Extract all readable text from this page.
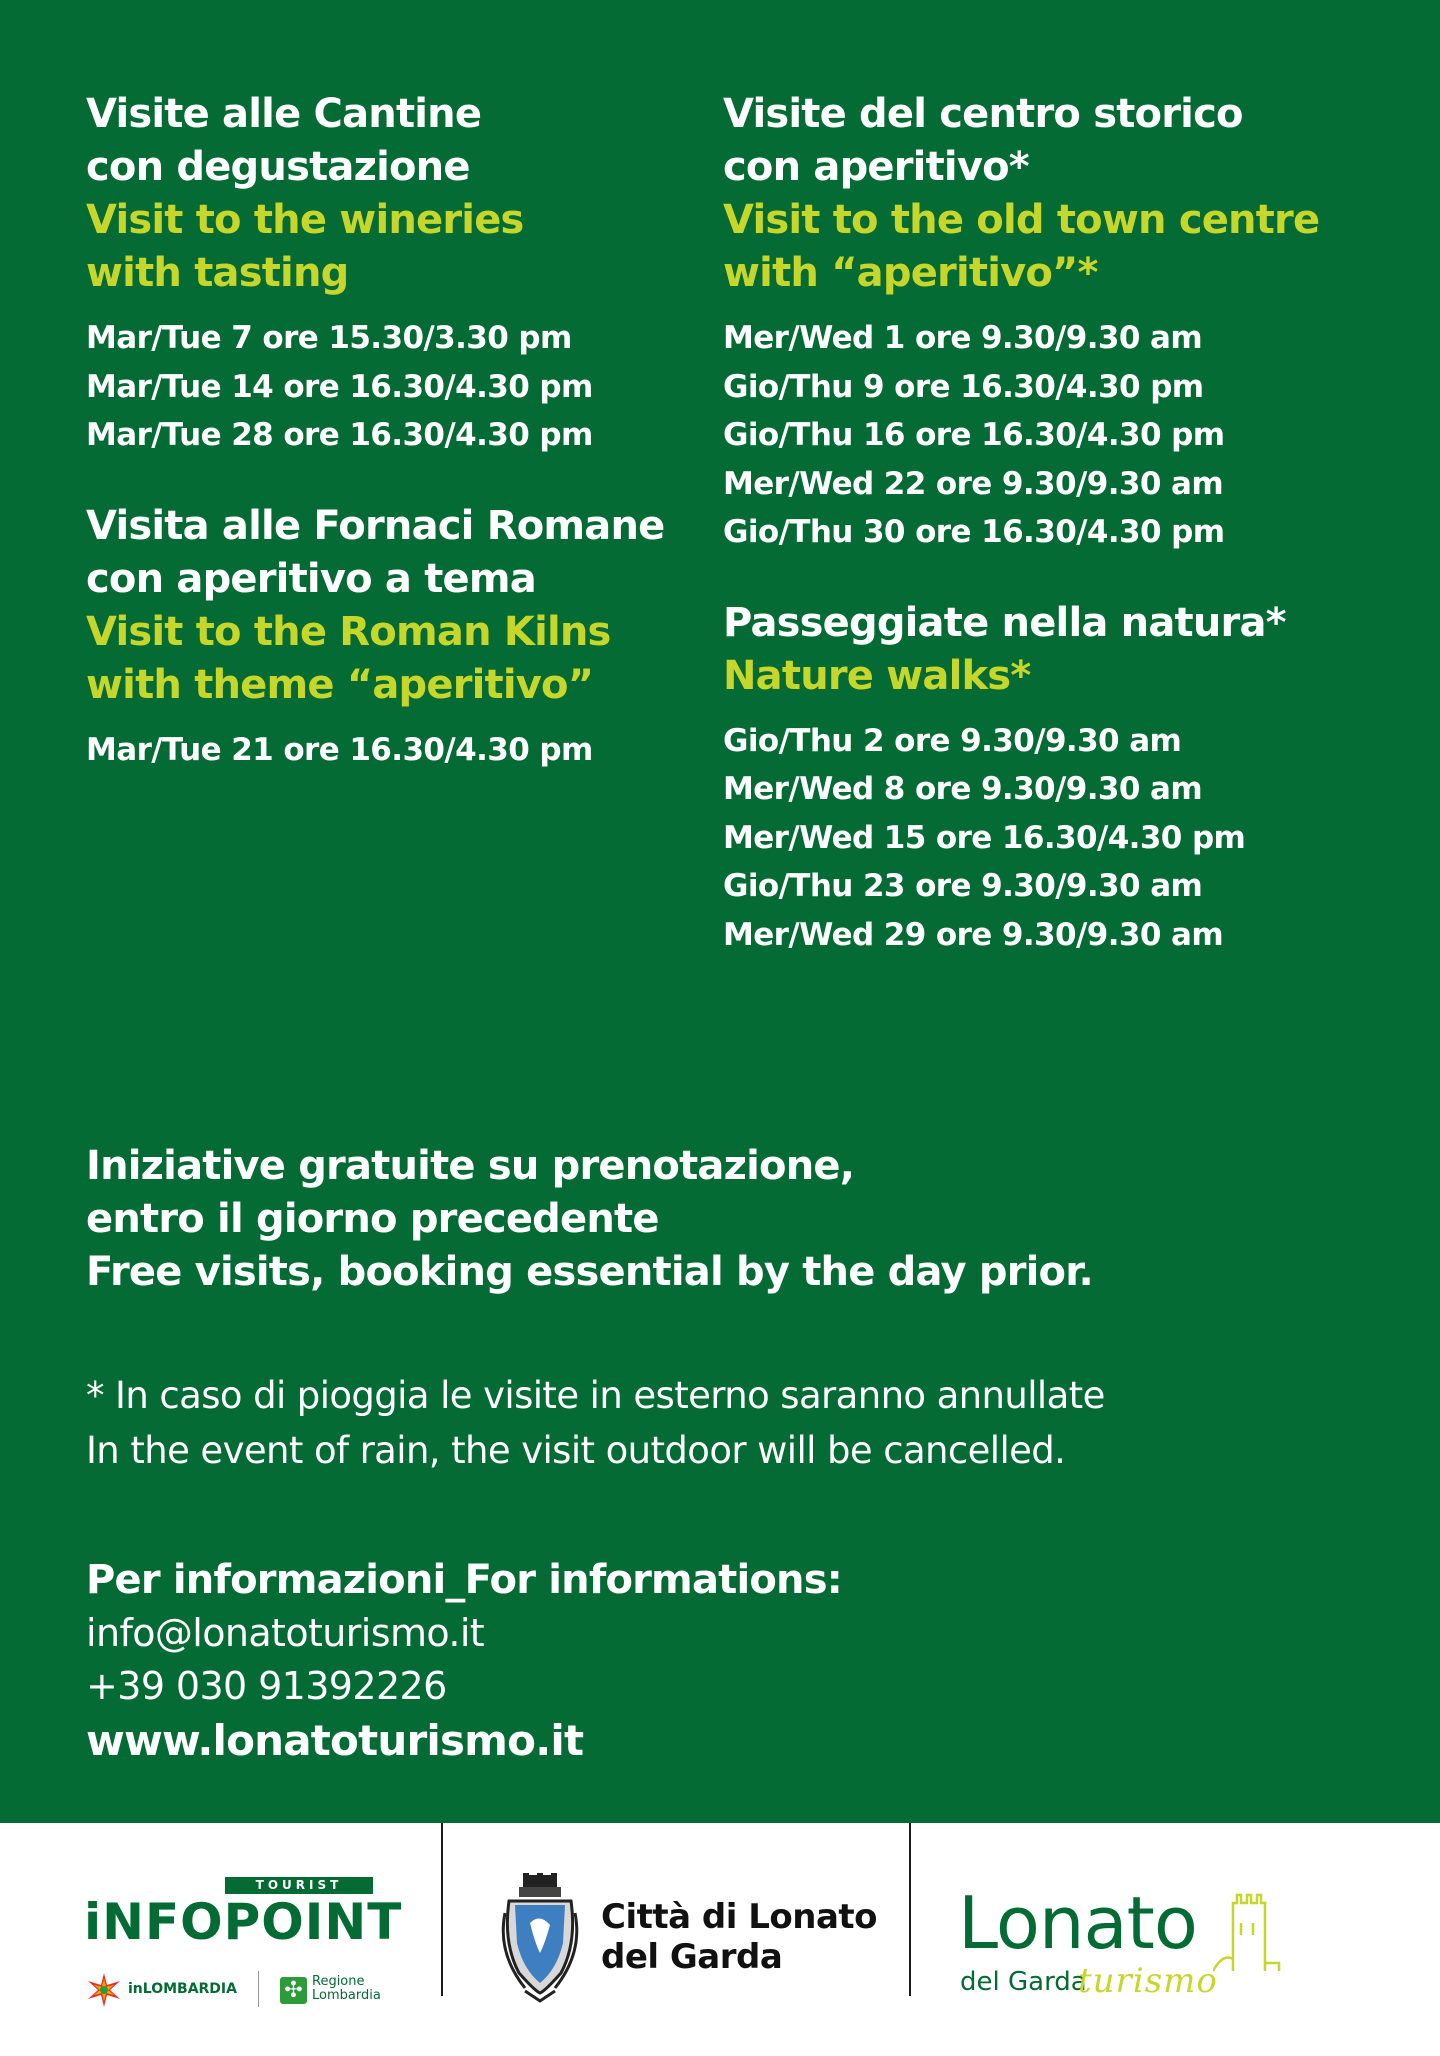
Visite alle Cantine
con degustazione
Visit to the wineries
with tasting
Mar/Tue 7 ore 15.30/3.30 pm
Mar/Tue 14 ore 16.30/4.30 pm
Mar/Tue 28 ore 16.30/4.30 pm
Visita alle Fornaci Romane
con aperitivo a tema
Visit to the Roman Kilns
with theme “aperitivo”
Mar/Tue 21 ore 16.30/4.30 pm
Visite del centro storico
con aperitivo*
Visit to the old town centre
with “aperitivo”*
Mer/Wed 1 ore 9.30/9.30 am
Gio/Thu 9 ore 16.30/4.30 pm
Gio/Thu 16 ore 16.30/4.30 pm
Mer/Wed 22 ore 9.30/9.30 am
Gio/Thu 30 ore 16.30/4.30 pm
Passeggiate nella natura*
Nature walks*
Gio/Thu 2 ore 9.30/9.30 am
Mer/Wed 8 ore 9.30/9.30 am
Mer/Wed 15 ore 16.30/4.30 pm
Gio/Thu 23 ore 9.30/9.30 am
Mer/Wed 29 ore 9.30/9.30 am
Iniziative gratuite su prenotazione,
entro il giorno precedente
Free visits, booking essential by the day prior.
* In caso di pioggia le visite in esterno saranno annullate
In the event of rain, the visit outdoor will be cancelled.
Per informazioni_For informations:
info@lonatoturismo.it
+39 030 91392226
www.lonatoturismo.it
TOURIST
iNFOPOINT
inLOMBARDIA ✣ Regione
Lombardia
Città di Lonato
del Garda	Lonato
del Garda
turismo
